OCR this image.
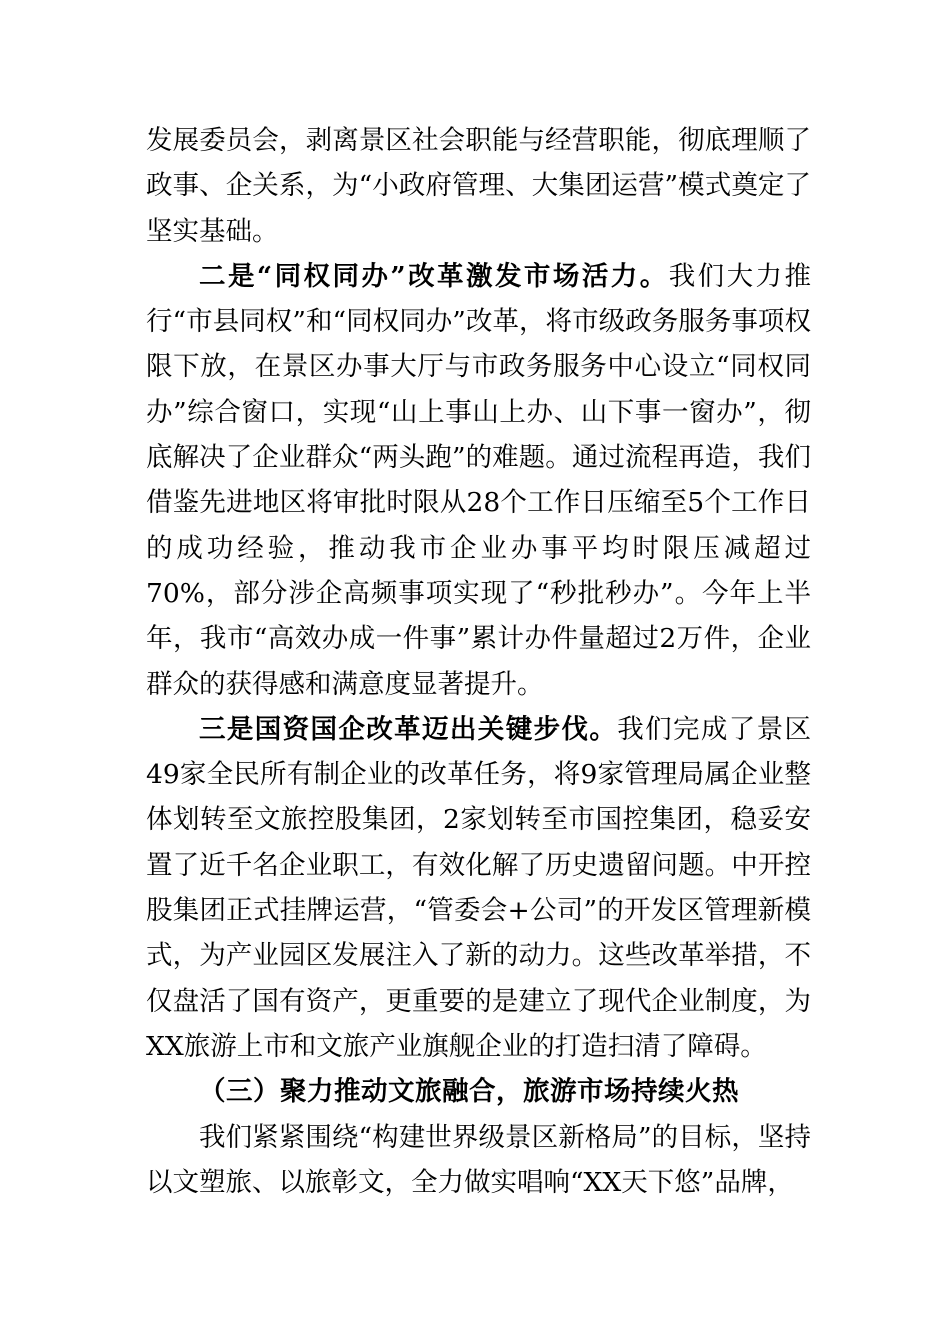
发展委员会，剥离景区社会职能与经营职能，彻底理顺了政事、企关系，为“小政府管理、大集团运营”模式奠定了坚实基础。

二是“同权同办”改革激发市场活力。我们大力推行“市县同权”和“同权同办”改革，将市级政务服务事项权限下放，在景区办事大厅与市政务服务中心设立“同权同办”综合窗口，实现“山上事山上办、山下事一窗办”，彻底解决了企业群众“两头跑”的难题。通过流程再造，我们借鉴先进地区将审批时限从28个工作日压缩至5个工作日的成功经验，推动我市企业办事平均时限压减超过70%，部分涉企高频事项实现了“秒批秒办”。今年上半年，我市“高效办成一件事”累计办件量超过2万件，企业群众的获得感和满意度显著提升。

三是国资国企改革迈出关键步伐。我们完成了景区49家全民所有制企业的改革任务，将9家管理局属企业整体划转至文旅控股集团，2家划转至市国控集团，稳妥安置了近千名企业职工，有效化解了历史遗留问题。中开控股集团正式挂牌运营，“管委会+公司”的开发区管理新模式，为产业园区发展注入了新的动力。这些改革举措，不仅盘活了国有资产，更重要的是建立了现代企业制度，为XX旅游上市和文旅产业旗舰企业的打造扫清了障碍。

（三）聚力推动文旅融合，旅游市场持续火热

我们紧紧围绕“构建世界级景区新格局”的目标，坚持以文塑旅、以旅彰文，全力做实唱响“XX天下悠”品牌，
